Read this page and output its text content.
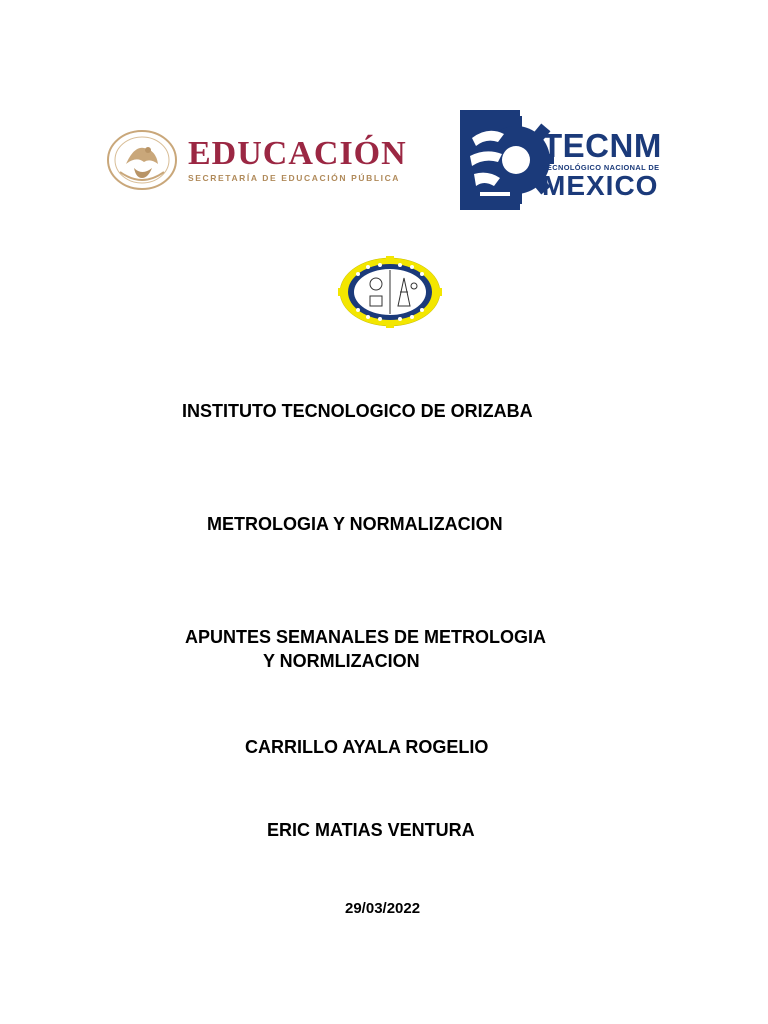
EDUCACIÓN
SECRETARÍA DE EDUCACIÓN PÚBLICA
TECNM
TECNOLÓGICO NACIONAL DE
MEXICO
INSTITUTO TECNOLOGICO DE ORIZABA
METROLOGIA Y NORMALIZACION
APUNTES SEMANALES DE METROLOGIA
Y NORMLIZACION
CARRILLO AYALA ROGELIO
ERIC MATIAS VENTURA
29/03/2022
